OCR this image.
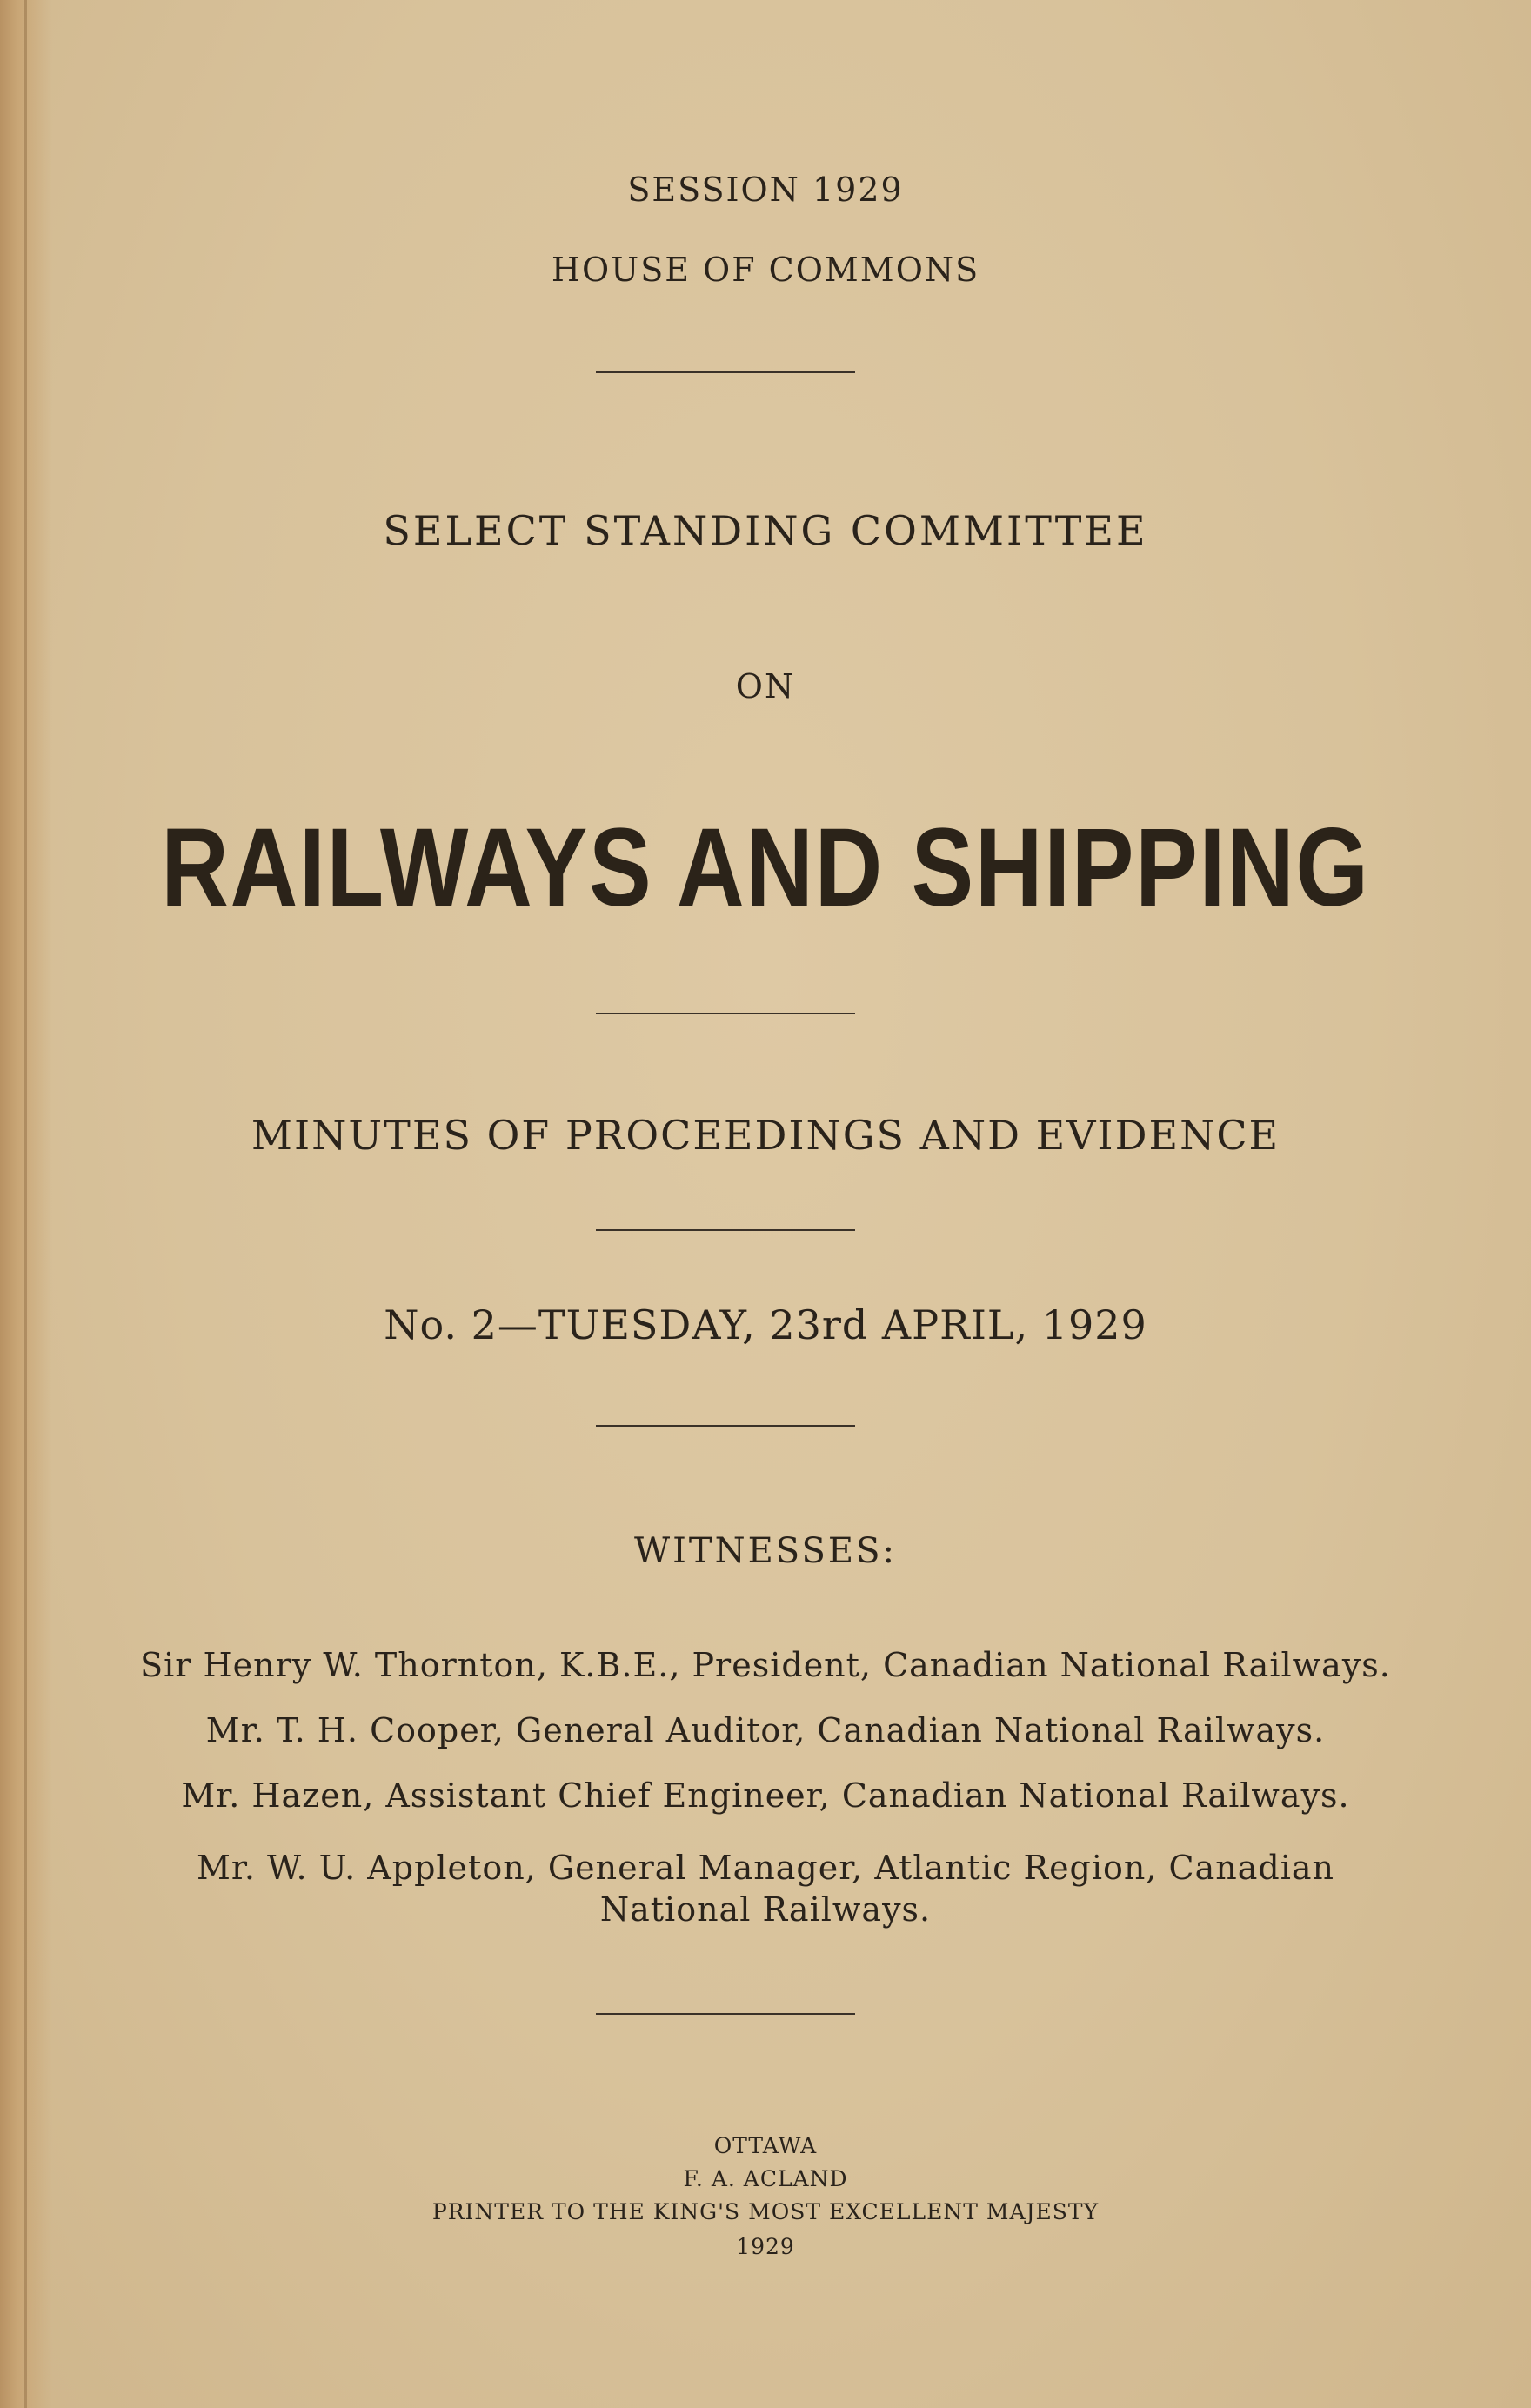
SESSION 1929

HOUSE OF COMMONS

SELECT STANDING COMMITTEE

ON

RAILWAYS AND SHIPPING

MINUTES OF PROCEEDINGS AND EVIDENCE

No. 2—TUESDAY, 23rd APRIL, 1929

WITNESSES:

Sir Henry W. Thornton, K.B.E., President, Canadian National Railways.

Mr. T. H. Cooper, General Auditor, Canadian National Railways.

Mr. Hazen, Assistant Chief Engineer, Canadian National Railways.

Mr. W. U. Appleton, General Manager, Atlantic Region, Canadian

National Railways.

OTTAWA

F. A. ACLAND

PRINTER TO THE KING'S MOST EXCELLENT MAJESTY

1929
